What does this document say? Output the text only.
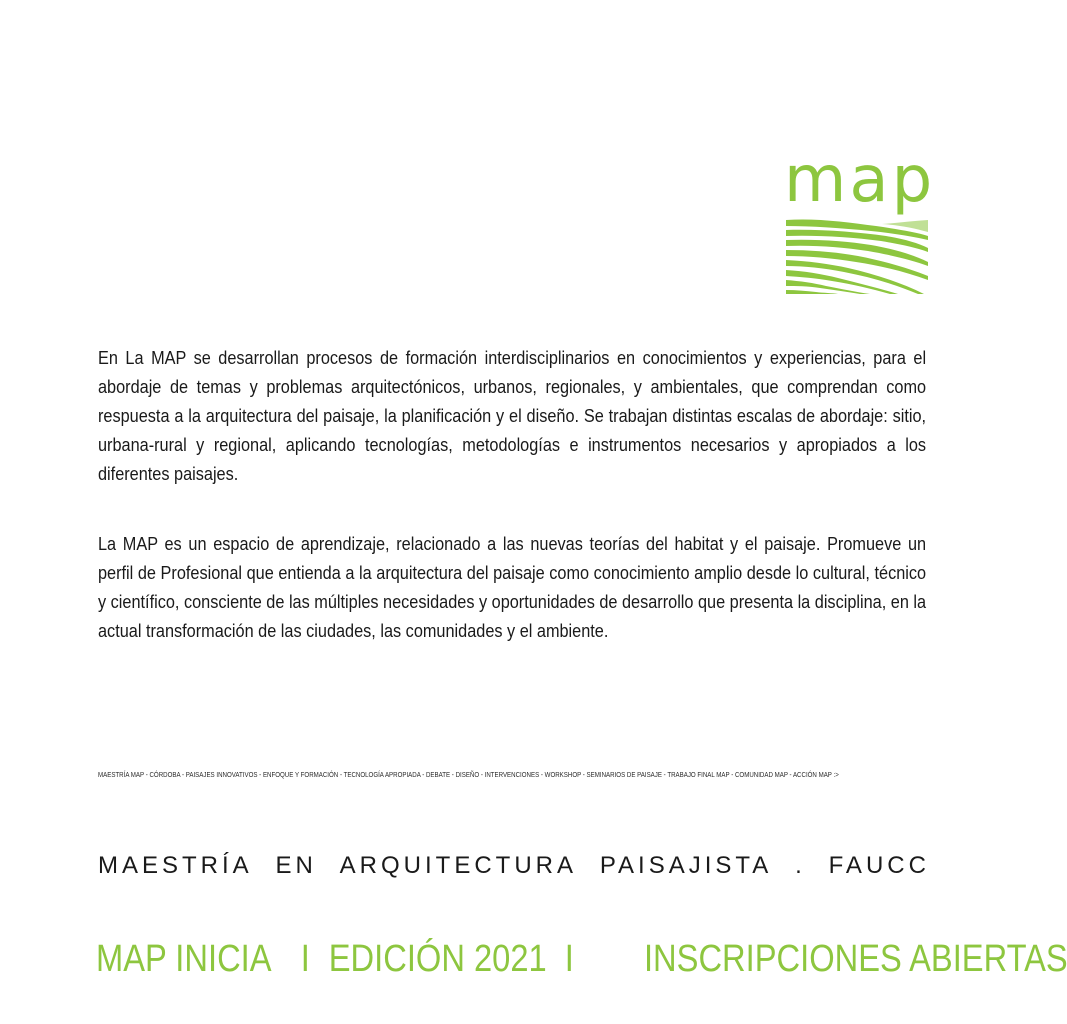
map

En La MAP se desarrollan procesos de formación interdisciplinarios en conocimientos y experiencias, para el abordaje de temas y problemas arquitectónicos, urbanos, regionales, y ambientales, que comprendan como respuesta a la arquitectura del paisaje, la planificación y el diseño. Se trabajan distintas escalas de abordaje: sitio, urbana-rural y regional, aplicando tecnologías, metodologías e instrumentos necesarios y apropiados a los diferentes paisajes.

La MAP es un espacio de aprendizaje, relacionado a las nuevas teorías del habitat y el paisaje. Promueve un perfil de Profesional que entienda a la arquitectura del paisaje como conocimiento amplio desde lo cultural, técnico y científico, consciente de las múltiples necesidades y oportunidades de desarrollo que presenta la disciplina, en la actual transformación de las ciudades, las comunidades y el ambiente.

MAESTRÍA MAP - CÓRDOBA - PAISAJES INNOVATIVOS - ENFOQUE Y FORMACIÓN - TECNOLOGÍA APROPIADA - DEBATE - DISEÑO - INTERVENCIONES - WORKSHOP - SEMINARIOS DE PAISAJE - TRABAJO FINAL MAP - COMUNIDAD MAP - ACCIÓN MAP :>
MAESTRÍA EN ARQUITECTURA PAISAJISTA . FAUCC
MAP INICIA I EDICIÓN 2021 I INSCRIPCIONES ABIERTAS
